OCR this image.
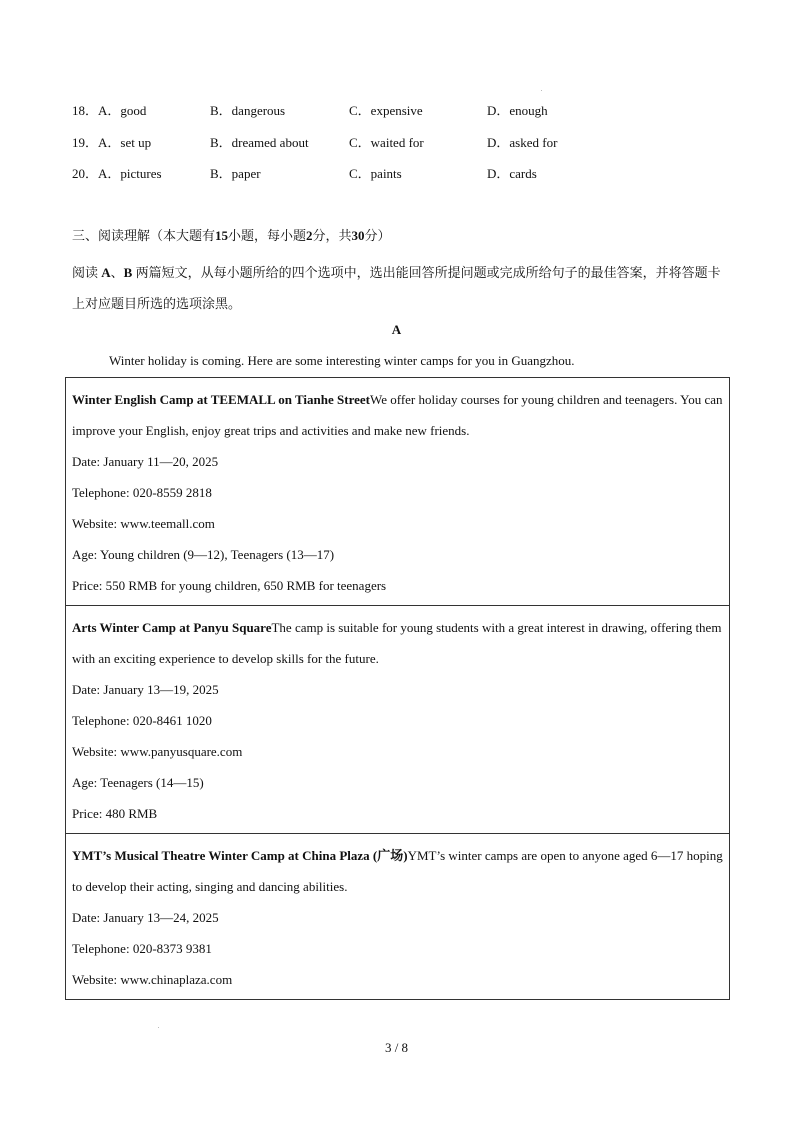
18．A．good	B．dangerous	C．expensive	D．enough
19．A．set up	B．dreamed about	C．waited for	D．asked for
20．A．pictures	B．paper	C．paints	D．cards
三、阅读理解（本大题有15小题，每小题2分，共30分）
阅读 A、B 两篇短文，从每小题所给的四个选项中，选出能回答所提问题或完成所给句子的最佳答案，并将答题卡上对应题目所选的选项涂黑。
A
Winter holiday is coming. Here are some interesting winter camps for you in Guangzhou.

Winter English Camp at TEEMALL on Tianhe StreetWe offer holiday courses for young children and teenagers. You can improve your English, enjoy great trips and activities and make new friends.

Date: January 11—20, 2025

Telephone: 020-8559 2818

Website: www.teemall.com

Age: Young children (9—12), Teenagers (13—17)

Price: 550 RMB for young children, 650 RMB for teenagers

Arts Winter Camp at Panyu SquareThe camp is suitable for young students with a great interest in drawing, offering them with an exciting experience to develop skills for the future.

Date: January 13—19, 2025

Telephone: 020-8461 1020

Website: www.panyusquare.com

Age: Teenagers (14—15)

Price: 480 RMB

YMT’s Musical Theatre Winter Camp at China Plaza (广场)YMT’s winter camps are open to anyone aged 6—17 hoping to develop their acting, singing and dancing abilities.

Date: January 13—24, 2025

Telephone: 020-8373 9381

Website: www.chinaplaza.com

3 / 8
